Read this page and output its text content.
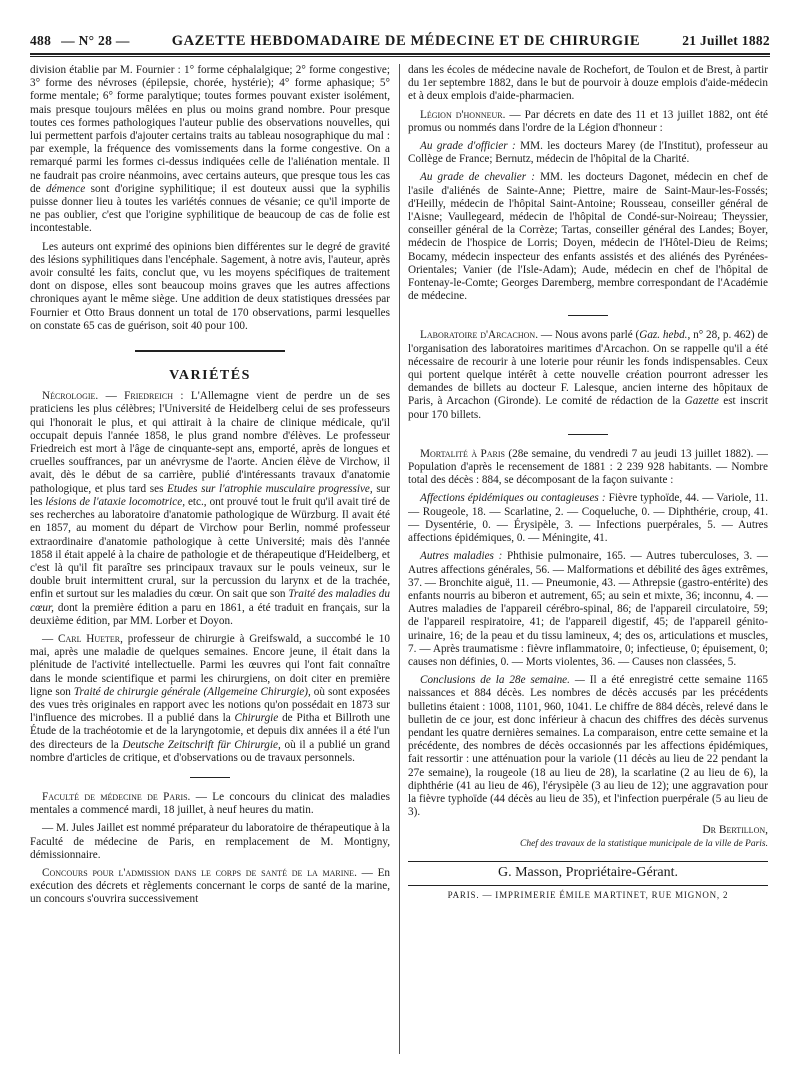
488 — N° 28 —	GAZETTE HEBDOMADAIRE DE MÉDECINE ET DE CHIRURGIE	21 Juillet 1882

division établie par M. Fournier : 1° forme céphalalgique; 2° forme congestive; 3° forme des névroses (épilepsie, chorée, hystérie); 4° forme aphasique; 5° forme mentale; 6° forme paralytique; toutes formes pouvant exister isolément, mais presque toujours mêlées en plus ou moins grand nombre. Pour presque toutes ces formes pathologiques l'auteur publie des observations nouvelles, qui lui permettent parfois d'ajouter certains traits au tableau nosographique du mal : par exemple, la fréquence des vomissements dans la forme congestive. On a remarqué parmi les formes ci-dessus indiquées celle de l'aliénation mentale. Il ne faudrait pas croire néanmoins, avec certains auteurs, que presque tous les cas de démence sont d'origine syphilitique; il est douteux aussi que la syphilis puisse donner lieu à toutes les variétés connues de vésanie; ce qu'il importe de ne pas oublier, c'est que l'origine syphilitique de beaucoup de cas de folie est incontestable.

Les auteurs ont exprimé des opinions bien différentes sur le degré de gravité des lésions syphilitiques dans l'encéphale. Sagement, à notre avis, l'auteur, après avoir consulté les faits, conclut que, vu les moyens spécifiques de traitement dont on dispose, elles sont beaucoup moins graves que les autres affections chroniques ayant le même siège. Une addition de deux statistiques dressées par Fournier et Otto Braus donnent un total de 170 observations, parmi lesquelles on constate 65 cas de guérison, soit 40 pour 100.

VARIÉTÉS

Nécrologie. — Friedreich : L'Allemagne vient de perdre un de ses praticiens les plus célèbres; l'Université de Heidelberg celui de ses professeurs qui l'honorait le plus, et qui attirait à la chaire de clinique médicale, qu'il occupait depuis l'année 1858, le plus grand nombre d'élèves. Le professeur Friedreich est mort à l'âge de cinquante-sept ans, emporté, après de longues et cruelles souffrances, par un anévrysme de l'aorte. Ancien élève de Virchow, il avait, dès le début de sa carrière, publié d'intéressants travaux d'anatomie pathologique, et plus tard ses Etudes sur l'atrophie musculaire progressive, sur les lésions de l'ataxie locomotrice, etc., ont prouvé tout le fruit qu'il avait tiré de ses recherches au laboratoire d'anatomie pathologique de Würzburg. Il avait été en 1857, au moment du départ de Virchow pour Berlin, nommé professeur extraordinaire d'anatomie pathologique à cette Université; mais dès l'année 1858 il était appelé à la chaire de pathologie et de thérapeutique d'Heidelberg, et c'est là qu'il fit paraître ses principaux travaux sur le pouls veineux, sur le double bruit intermittent crural, sur la percussion du larynx et de la trachée, enfin et surtout sur les maladies du cœur. On sait que son Traité des maladies du cœur, dont la première édition a paru en 1861, a été traduit en français, sur la deuxième édition, par MM. Lorber et Doyon.

— Carl Hueter, professeur de chirurgie à Greifswald, a succombé le 10 mai, après une maladie de quelques semaines. Encore jeune, il était dans la plénitude de l'activité intellectuelle. Parmi les œuvres qui l'ont fait connaître dans le monde scientifique et parmi les chirurgiens, on doit citer en première ligne son Traité de chirurgie générale (Allgemeine Chirurgie), où sont exposées des vues très originales en rapport avec les notions qu'on possédait en 1873 sur l'influence des microbes. Il a publié dans la Chirurgie de Pitha et Billroth une Étude de la trachéotomie et de la laryngotomie, et depuis dix années il a été l'un des directeurs de la Deutsche Zeitschrift für Chirurgie, où il a publié un grand nombre d'articles de critique, et d'observations ou de travaux personnels.

Faculté de médecine de Paris. — Le concours du clinicat des maladies mentales a commencé mardi, 18 juillet, à neuf heures du matin.

— M. Jules Jaillet est nommé préparateur du laboratoire de thérapeutique à la Faculté de médecine de Paris, en remplacement de M. Montigny, démissionnaire.

Concours pour l'admission dans le corps de santé de la marine. — En exécution des décrets et règlements concernant le corps de santé de la marine, un concours s'ouvrira successivement

dans les écoles de médecine navale de Rochefort, de Toulon et de Brest, à partir du 1er septembre 1882, dans le but de pourvoir à douze emplois d'aide-médecin et à deux emplois d'aide-pharmacien.

Légion d'honneur. — Par décrets en date des 11 et 13 juillet 1882, ont été promus ou nommés dans l'ordre de la Légion d'honneur :

Au grade d'officier : MM. les docteurs Marey (de l'Institut), professeur au Collège de France; Bernutz, médecin de l'hôpital de la Charité.

Au grade de chevalier : MM. les docteurs Dagonet, médecin en chef de l'asile d'aliénés de Sainte-Anne; Piettre, maire de Saint-Maur-les-Fossés; d'Heilly, médecin de l'hôpital Saint-Antoine; Rousseau, conseiller général de l'Aisne; Vaullegeard, médecin de l'hôpital de Condé-sur-Noireau; Theyssier, conseiller général de la Corrèze; Tartas, conseiller général des Landes; Boyer, médecin de l'hospice de Lorris; Doyen, médecin de l'Hôtel-Dieu de Reims; Bocamy, médecin inspecteur des enfants assistés et des aliénés des Pyrénées-Orientales; Vanier (de l'Isle-Adam); Aude, médecin en chef de l'hôpital de Fontenay-le-Comte; Georges Daremberg, membre correspondant de l'Académie de médecine.

Laboratoire d'Arcachon. — Nous avons parlé (Gaz. hebd., n° 28, p. 462) de l'organisation des laboratoires maritimes d'Arcachon. On se rappelle qu'il a été nécessaire de recourir à une loterie pour réunir les fonds indispensables. Ceux qui portent quelque intérêt à cette nouvelle création pourront adresser les demandes de billets au docteur F. Lalesque, ancien interne des hôpitaux de Paris, à Arcachon (Gironde). Le comité de rédaction de la Gazette est inscrit pour 170 billets.

Mortalité à Paris (28e semaine, du vendredi 7 au jeudi 13 juillet 1882). — Population d'après le recensement de 1881 : 2 239 928 habitants. — Nombre total des décès : 884, se décomposant de la façon suivante :

Affections épidémiques ou contagieuses : Fièvre typhoïde, 44. — Variole, 11. — Rougeole, 18. — Scarlatine, 2. — Coqueluche, 0. — Diphthérie, croup, 41. — Dysentérie, 0. — Érysipèle, 3. — Infections puerpérales, 5. — Autres affections épidémiques, 0. — Méningite, 41.

Autres maladies : Phthisie pulmonaire, 165. — Autres tuberculoses, 3. — Autres affections générales, 56. — Malformations et débilité des âges extrêmes, 37. — Bronchite aiguë, 11. — Pneumonie, 43. — Athrepsie (gastro-entérite) des enfants nourris au biberon et autrement, 65; au sein et mixte, 36; inconnu, 4. — Autres maladies de l'appareil cérébro-spinal, 86; de l'appareil circulatoire, 59; de l'appareil respiratoire, 41; de l'appareil digestif, 45; de l'appareil génito-urinaire, 16; de la peau et du tissu lamineux, 4; des os, articulations et muscles, 7. — Après traumatisme : fièvre inflammatoire, 0; infectieuse, 0; épuisement, 0; causes non définies, 0. — Morts violentes, 36. — Causes non classées, 5.

Conclusions de la 28e semaine. — Il a été enregistré cette semaine 1165 naissances et 884 décès. Les nombres de décès accusés par les précédents bulletins étaient : 1008, 1101, 960, 1041. Le chiffre de 884 décès, relevé dans le bulletin de ce jour, est donc inférieur à chacun des chiffres des décès survenus pendant les quatre dernières semaines. La comparaison, entre cette semaine et la précédente, des nombres de décès occasionnés par les affections épidémiques, fait ressortir : une atténuation pour la variole (11 décès au lieu de 22 pendant la 27e semaine), la rougeole (18 au lieu de 28), la scarlatine (2 au lieu de 6), la diphthérie (41 au lieu de 46), l'érysipèle (3 au lieu de 12); une aggravation pour la fièvre typhoïde (44 décès au lieu de 35), et l'infection puerpérale (5 au lieu de 3).

Dr Bertillon,
Chef des travaux de la statistique municipale de la ville de Paris.
G. Masson, Propriétaire-Gérant.
PARIS. — IMPRIMERIE ÉMILE MARTINET, RUE MIGNON, 2
